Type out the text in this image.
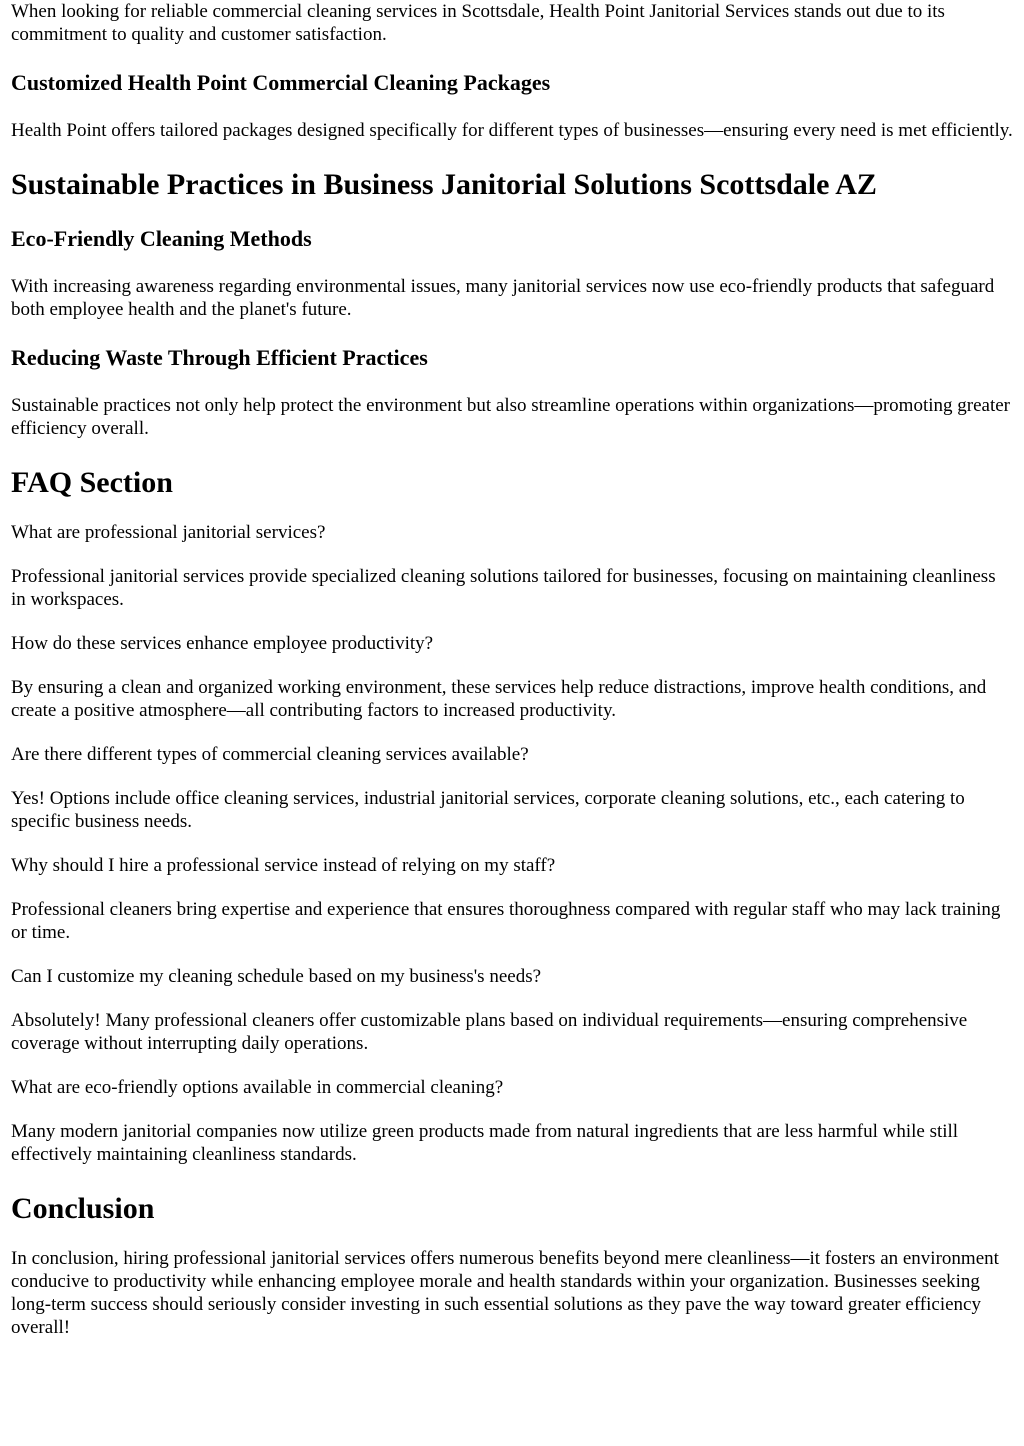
When looking for reliable commercial cleaning services in Scottsdale, Health Point Janitorial Services stands out due to its commitment to quality and customer satisfaction.

Customized Health Point Commercial Cleaning Packages

Health Point offers tailored packages designed specifically for different types of businesses—ensuring every need is met efficiently.

Sustainable Practices in Business Janitorial Solutions Scottsdale AZ
Eco-Friendly Cleaning Methods

With increasing awareness regarding environmental issues, many janitorial services now use eco-friendly products that safeguard both employee health and the planet's future.

Reducing Waste Through Efficient Practices

Sustainable practices not only help protect the environment but also streamline operations within organizations—promoting greater efficiency overall.

FAQ Section

What are professional janitorial services?

Professional janitorial services provide specialized cleaning solutions tailored for businesses, focusing on maintaining cleanliness in workspaces.

How do these services enhance employee productivity?

By ensuring a clean and organized working environment, these services help reduce distractions, improve health conditions, and create a positive atmosphere—all contributing factors to increased productivity.

Are there different types of commercial cleaning services available?

Yes! Options include office cleaning services, industrial janitorial services, corporate cleaning solutions, etc., each catering to specific business needs.

Why should I hire a professional service instead of relying on my staff?

Professional cleaners bring expertise and experience that ensures thoroughness compared with regular staff who may lack training or time.

Can I customize my cleaning schedule based on my business's needs?

Absolutely! Many professional cleaners offer customizable plans based on individual requirements—ensuring comprehensive coverage without interrupting daily operations.

What are eco-friendly options available in commercial cleaning?

Many modern janitorial companies now utilize green products made from natural ingredients that are less harmful while still effectively maintaining cleanliness standards.

Conclusion

In conclusion, hiring professional janitorial services offers numerous benefits beyond mere cleanliness—it fosters an environment conducive to productivity while enhancing employee morale and health standards within your organization. Businesses seeking long-term success should seriously consider investing in such essential solutions as they pave the way toward greater efficiency overall!
